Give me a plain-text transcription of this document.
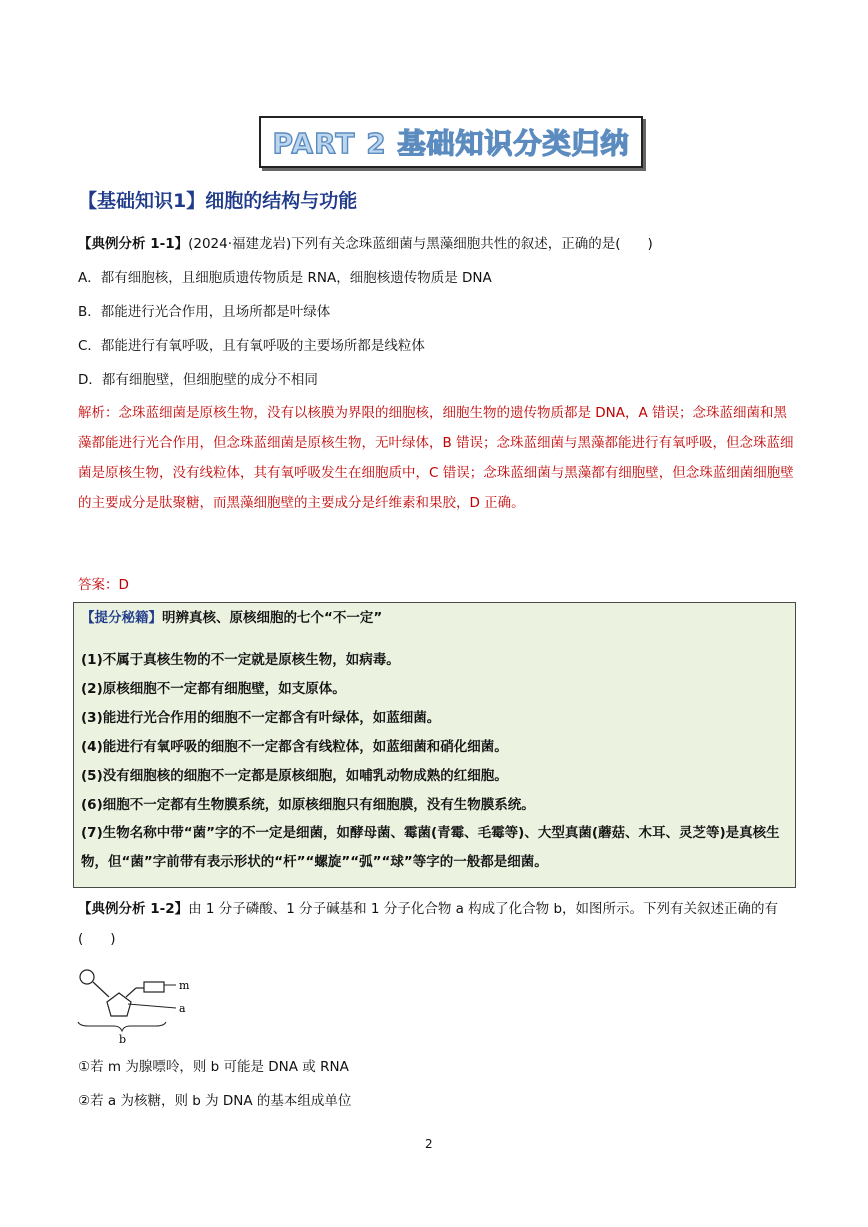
PART 2 基础知识分类归纳
【基础知识1】细胞的结构与功能
【典例分析 1-1】(2024·福建龙岩)下列有关念珠蓝细菌与黑藻细胞共性的叙述，正确的是(　　)
A．都有细胞核，且细胞质遗传物质是 RNA，细胞核遗传物质是 DNA
B．都能进行光合作用，且场所都是叶绿体
C．都能进行有氧呼吸，且有氧呼吸的主要场所都是线粒体
D．都有细胞壁，但细胞壁的成分不相同
解析：念珠蓝细菌是原核生物，没有以核膜为界限的细胞核，细胞生物的遗传物质都是 DNA，A 错误；念珠蓝细菌和黑藻都能进行光合作用，但念珠蓝细菌是原核生物，无叶绿体，B 错误；念珠蓝细菌与黑藻都能进行有氧呼吸，但念珠蓝细菌是原核生物，没有线粒体，其有氧呼吸发生在细胞质中，C 错误；念珠蓝细菌与黑藻都有细胞壁，但念珠蓝细菌细胞壁的主要成分是肽聚糖，而黑藻细胞壁的主要成分是纤维素和果胶，D 正确。
答案：D
【提分秘籍】明辨真核、原核细胞的七个“不一定”
(1)不属于真核生物的不一定就是原核生物，如病毒。
(2)原核细胞不一定都有细胞壁，如支原体。
(3)能进行光合作用的细胞不一定都含有叶绿体，如蓝细菌。
(4)能进行有氧呼吸的细胞不一定都含有线粒体，如蓝细菌和硝化细菌。
(5)没有细胞核的细胞不一定都是原核细胞，如哺乳动物成熟的红细胞。
(6)细胞不一定都有生物膜系统，如原核细胞只有细胞膜，没有生物膜系统。
(7)生物名称中带“菌”字的不一定是细菌，如酵母菌、霉菌(青霉、毛霉等)、大型真菌(蘑菇、木耳、灵芝等)是真核生物，但“菌”字前带有表示形状的“杆”“螺旋”“弧”“球”等字的一般都是细菌。
【典例分析 1-2】由 1 分子磷酸、1 分子碱基和 1 分子化合物 a 构成了化合物 b，如图所示。下列有关叙述正确的有(　　)
m
a
b
①若 m 为腺嘌呤，则 b 可能是 DNA 或 RNA
②若 a 为核糖，则 b 为 DNA 的基本组成单位
2
